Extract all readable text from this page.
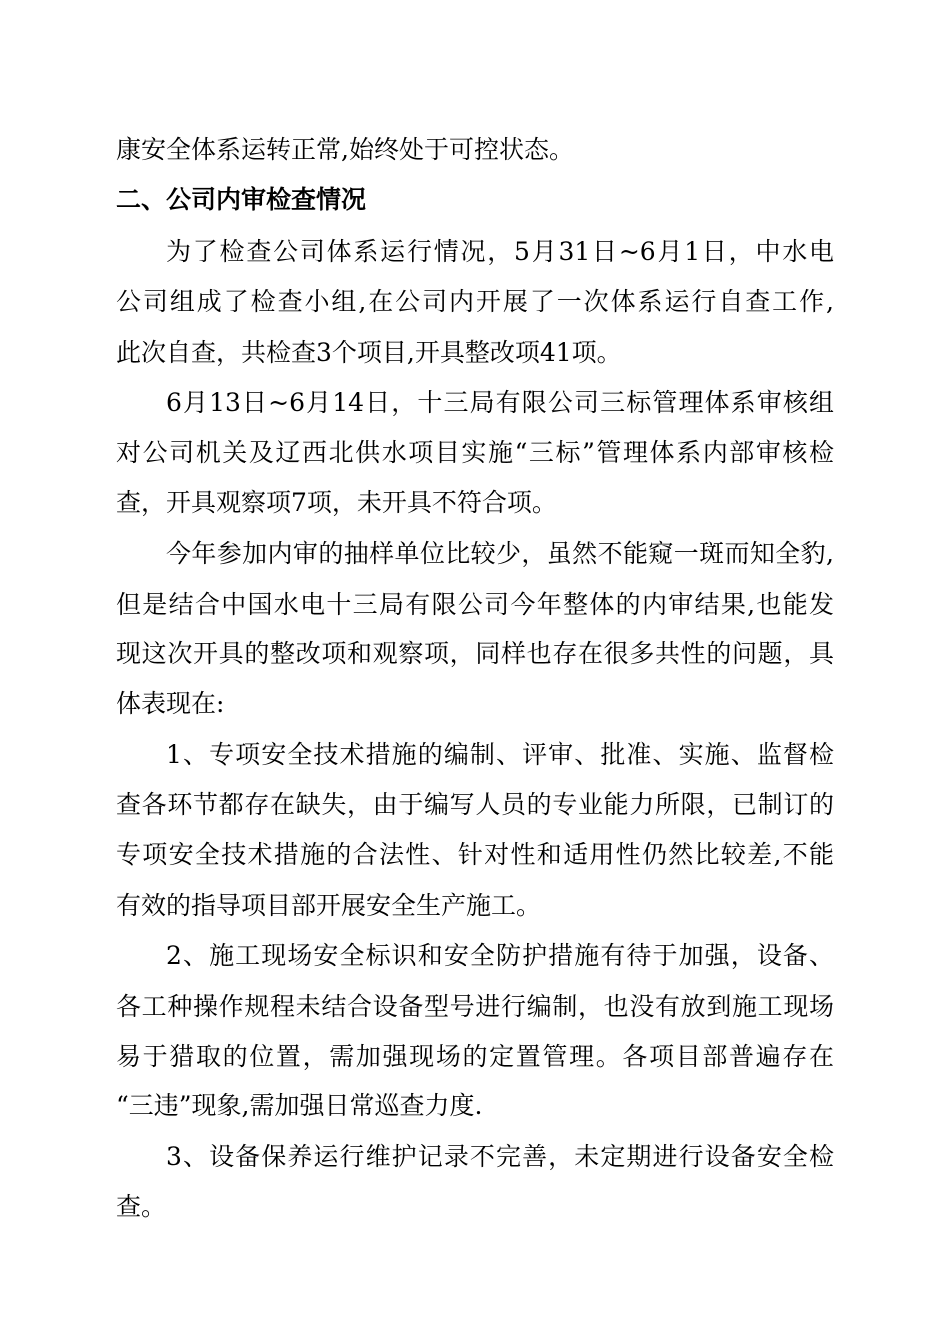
康安全体系运转正常,始终处于可控状态。

二、公司内审检查情况

为了检查公司体系运行情况，5月31日~6月1日，中水电

公司组成了检查小组,在公司内开展了一次体系运行自查工作,

此次自查，共检查3个项目,开具整改项41项。

6月13日~6月14日，十三局有限公司三标管理体系审核组

对公司机关及辽西北供水项目实施“三标”管理体系内部审核检

查，开具观察项7项，未开具不符合项。

今年参加内审的抽样单位比较少，虽然不能窥一斑而知全豹,

但是结合中国水电十三局有限公司今年整体的内审结果,也能发

现这次开具的整改项和观察项，同样也存在很多共性的问题，具

体表现在:

1、专项安全技术措施的编制、评审、批准、实施、监督检

查各环节都存在缺失，由于编写人员的专业能力所限，已制订的

专项安全技术措施的合法性、针对性和适用性仍然比较差,不能

有效的指导项目部开展安全生产施工。

2、施工现场安全标识和安全防护措施有待于加强，设备、

各工种操作规程未结合设备型号进行编制，也没有放到施工现场

易于猎取的位置，需加强现场的定置管理。各项目部普遍存在

“三违”现象,需加强日常巡查力度.

3、设备保养运行维护记录不完善，未定期进行设备安全检

查。
